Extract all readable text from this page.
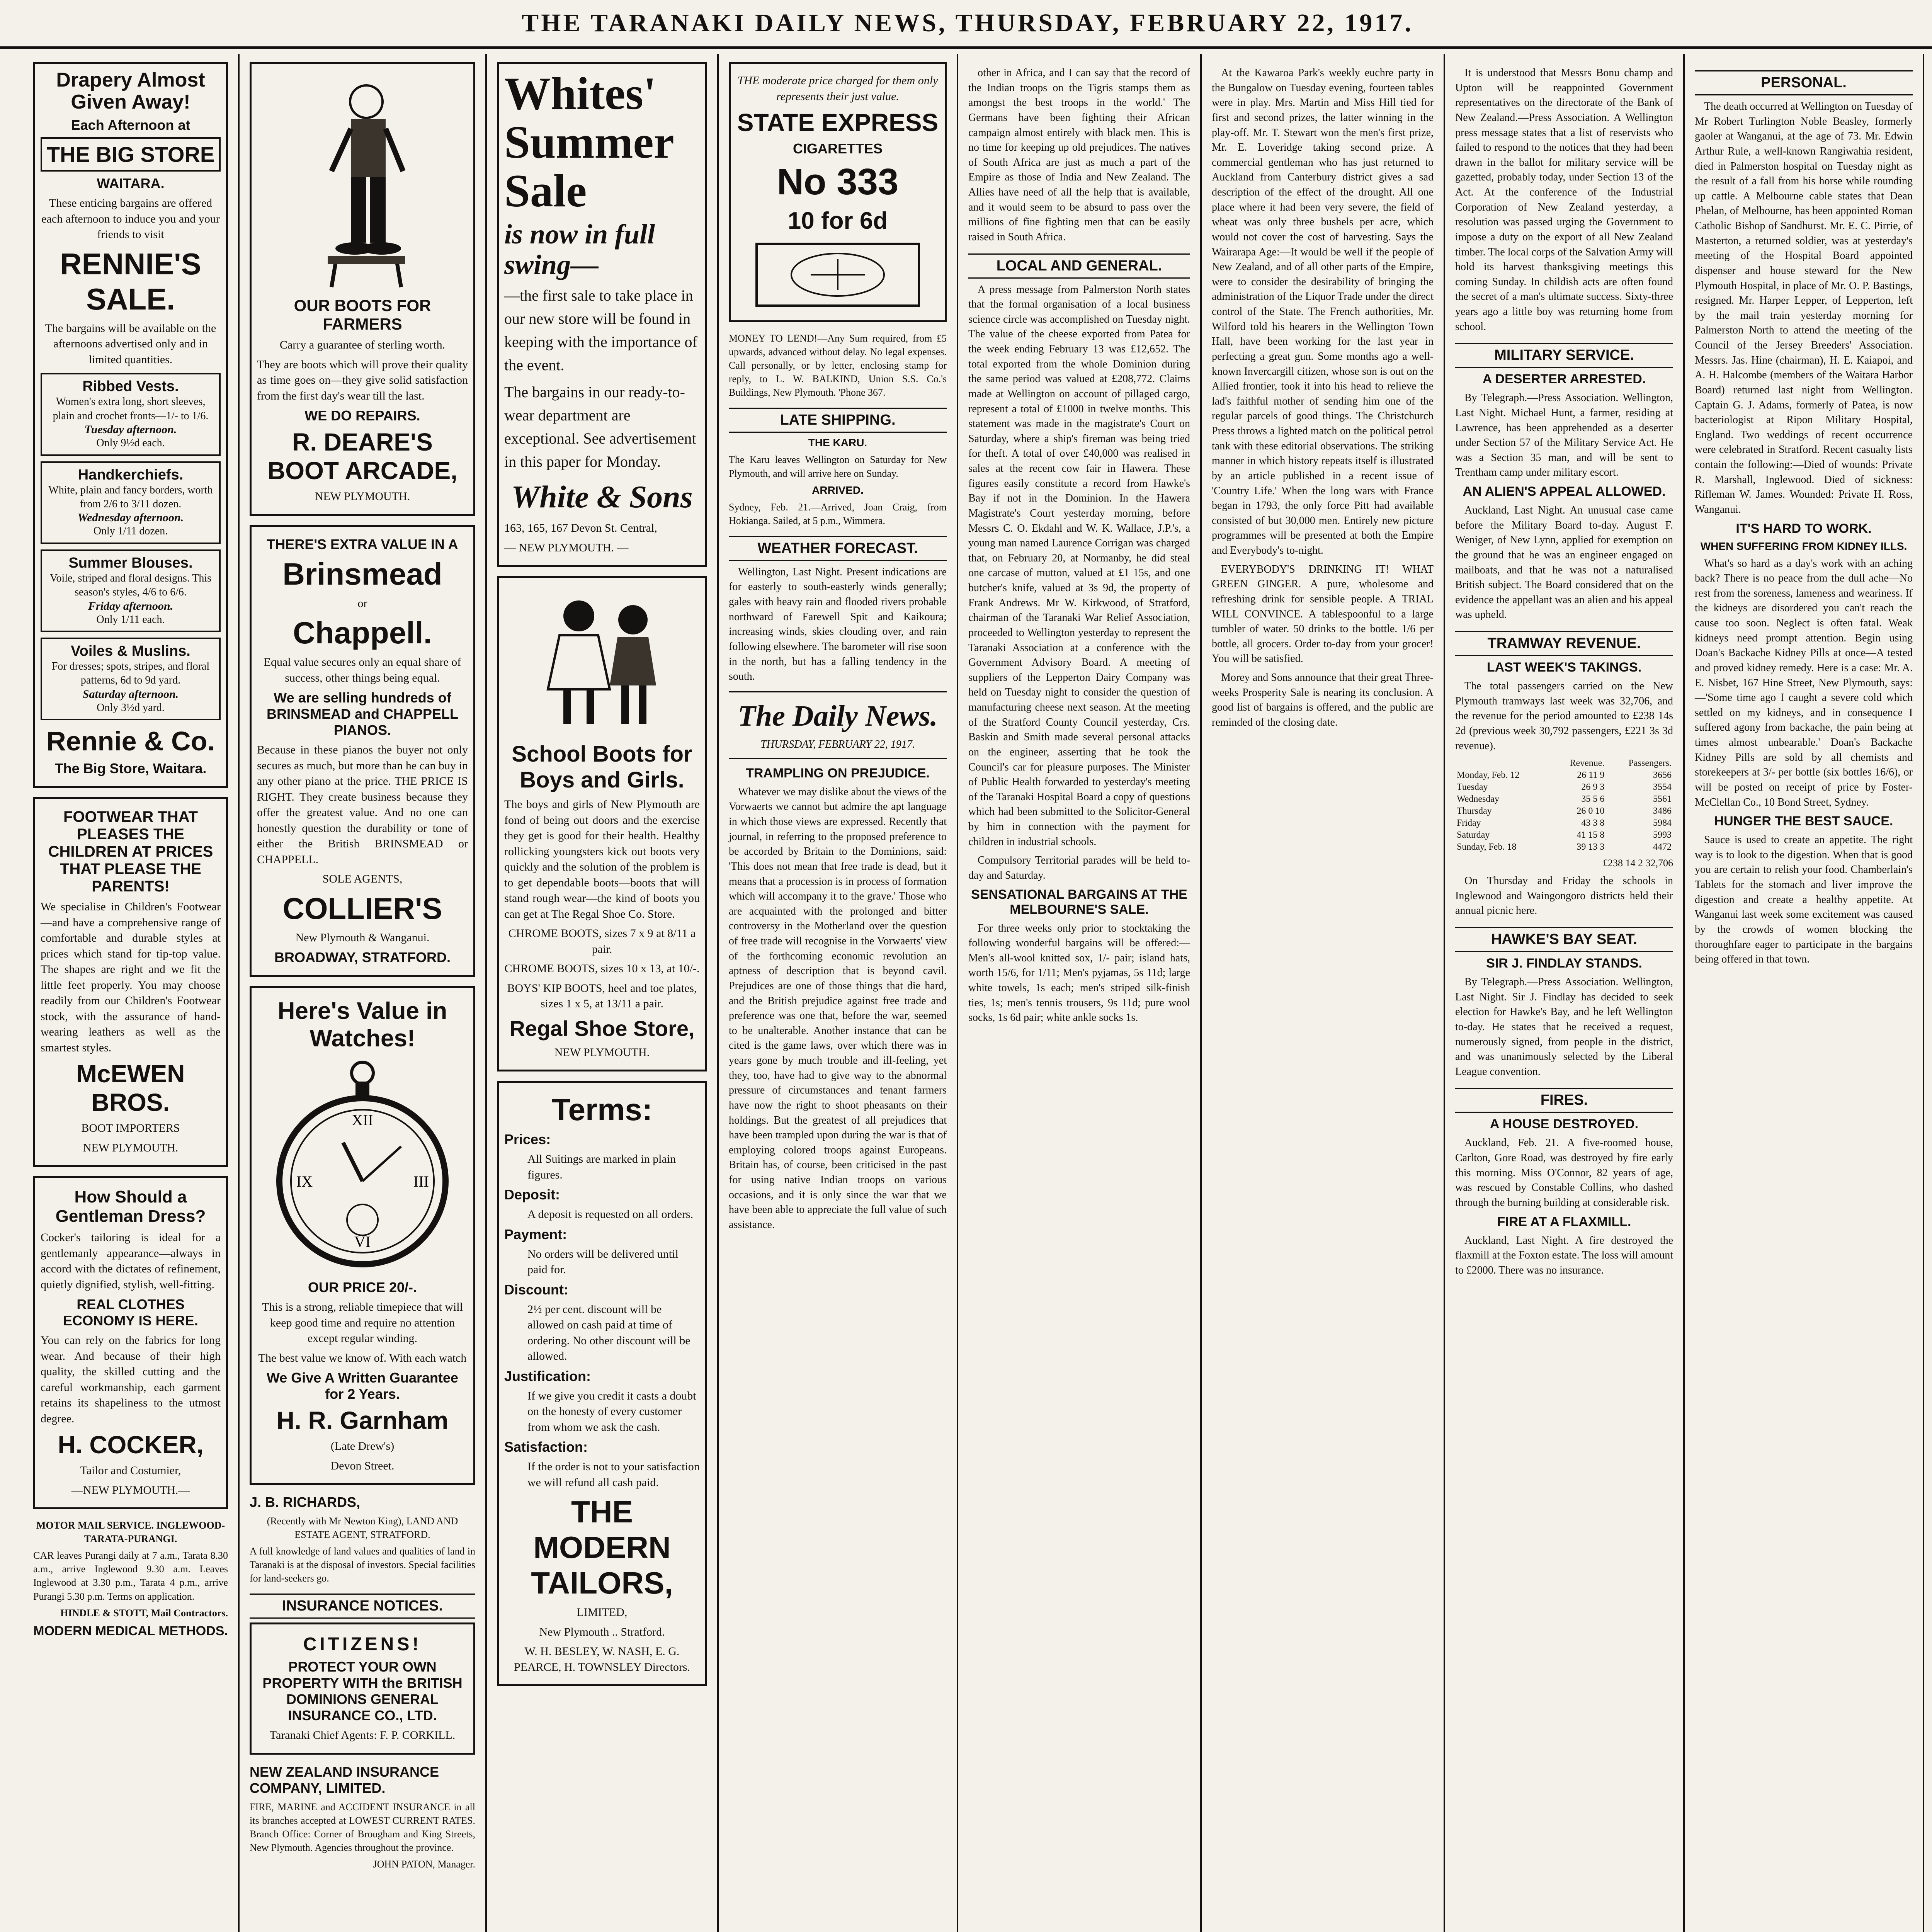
THE TARANAKI DAILY NEWS, THURSDAY, FEBRUARY 22, 1917.
Drapery Almost Given Away!
Each Afternoon at
THE BIG STORE
WAITARA.
These enticing bargains are offered each afternoon to induce you and your friends to visit
RENNIE'S SALE.
The bargains will be available on the afternoons advertised only and in limited quantities.
Ribbed Vests.
Women's extra long, short sleeves, plain and crochet fronts—1/- to 1/6.
Tuesday afternoon.
Only 9½d each.
Handkerchiefs.
White, plain and fancy borders, worth from 2/6 to 3/11 dozen.
Wednesday afternoon.
Only 1/11 dozen.
Summer Blouses.
Voile, striped and floral designs. This season's styles, 4/6 to 6/6.
Friday afternoon.
Only 1/11 each.
Voiles & Muslins.
For dresses; spots, stripes, and floral patterns, 6d to 9d yard.
Saturday afternoon.
Only 3½d yard.
Rennie & Co.
The Big Store, Waitara.
FOOTWEAR THAT PLEASES THE CHILDREN AT PRICES THAT PLEASE THE PARENTS!
We specialise in Children's Footwear—and have a comprehensive range of comfortable and durable styles at prices which stand for tip-top value. The shapes are right and we fit the little feet properly. You may choose readily from our Children's Footwear stock, with the assurance of hand-wearing leathers as well as the smartest styles.
McEWEN BROS.
BOOT IMPORTERS
NEW PLYMOUTH.
How Should a Gentleman Dress?
Cocker's tailoring is ideal for a gentlemanly appearance—always in accord with the dictates of refinement, quietly dignified, stylish, well-fitting.
REAL CLOTHES ECONOMY IS HERE.
You can rely on the fabrics for long wear. And because of their high quality, the skilled cutting and the careful workmanship, each garment retains its shapeliness to the utmost degree.
H. COCKER,
Tailor and Costumier,
—NEW PLYMOUTH.—
MOTOR MAIL SERVICE. INGLEWOOD-TARATA-PURANGI.
CAR leaves Purangi daily at 7 a.m., Tarata 8.30 a.m., arrive Inglewood 9.30 a.m. Leaves Inglewood at 3.30 p.m., Tarata 4 p.m., arrive Purangi 5.30 p.m. Terms on application.
HINDLE & STOTT, Mail Contractors.
MODERN MEDICAL METHODS.
OUR BOOTS FOR FARMERS
Carry a guarantee of sterling worth.
They are boots which will prove their quality as time goes on—they give solid satisfaction from the first day's wear till the last.
WE DO REPAIRS.
R. DEARE'S BOOT ARCADE,
NEW PLYMOUTH.
THERE'S EXTRA VALUE IN A
Brinsmead
or
Chappell.
Equal value secures only an equal share of success, other things being equal.
We are selling hundreds of BRINSMEAD and CHAPPELL PIANOS.
Because in these pianos the buyer not only secures as much, but more than he can buy in any other piano at the price. THE PRICE IS RIGHT. They create business because they offer the greatest value. And no one can honestly question the durability or tone of either the British BRINSMEAD or CHAPPELL.
SOLE AGENTS,
COLLIER'S
New Plymouth & Wanganui.
BROADWAY, STRATFORD.
Here's Value in Watches!
XII
III
VI
IX
OUR PRICE 20/-.
This is a strong, reliable timepiece that will keep good time and require no attention except regular winding.
The best value we know of. With each watch
We Give A Written Guarantee for 2 Years.
H. R. Garnham
(Late Drew's)
Devon Street.
J. B. RICHARDS,
(Recently with Mr Newton King), LAND AND ESTATE AGENT, STRATFORD.
A full knowledge of land values and qualities of land in Taranaki is at the disposal of investors. Special facilities for land-seekers go.
INSURANCE NOTICES.
CITIZENS!
PROTECT YOUR OWN PROPERTY WITH the BRITISH DOMINIONS GENERAL INSURANCE CO., LTD.
Taranaki Chief Agents: F. P. CORKILL.
NEW ZEALAND INSURANCE COMPANY, LIMITED.
FIRE, MARINE and ACCIDENT INSURANCE in all its branches accepted at LOWEST CURRENT RATES. Branch Office: Corner of Brougham and King Streets, New Plymouth. Agencies throughout the province.
JOHN PATON, Manager.
Whites' Summer Sale
is now in full swing—
—the first sale to take place in our new store will be found in keeping with the importance of the event.
The bargains in our ready-to-wear department are exceptional. See advertisement in this paper for Monday.
White & Sons
163, 165, 167 Devon St. Central,
— NEW PLYMOUTH. —
School Boots for Boys and Girls.
The boys and girls of New Plymouth are fond of being out doors and the exercise they get is good for their health. Healthy rollicking youngsters kick out boots very quickly and the solution of the problem is to get dependable boots—boots that will stand rough wear—the kind of boots you can get at The Regal Shoe Co. Store.
CHROME BOOTS, sizes 7 x 9 at 8/11 a pair.
CHROME BOOTS, sizes 10 x 13, at 10/-.
BOYS' KIP BOOTS, heel and toe plates, sizes 1 x 5, at 13/11 a pair.
Regal Shoe Store,
NEW PLYMOUTH.
Terms:
Prices:
All Suitings are marked in plain figures.
Deposit:
A deposit is requested on all orders.
Payment:
No orders will be delivered until paid for.
Discount:
2½ per cent. discount will be allowed on cash paid at time of ordering. No other discount will be allowed.
Justification:
If we give you credit it casts a doubt on the honesty of every customer from whom we ask the cash.
Satisfaction:
If the order is not to your satisfaction we will refund all cash paid.
THE MODERN TAILORS,
LIMITED,
New Plymouth .. Stratford.
W. H. BESLEY, W. NASH, E. G. PEARCE, H. TOWNSLEY Directors.
THE moderate price charged for them only represents their just value.
STATE EXPRESS
CIGARETTES
No 333
10 for 6d
MONEY TO LEND!—Any Sum required, from £5 upwards, advanced without delay. No legal expenses. Call personally, or by letter, enclosing stamp for reply, to L. W. BALKIND, Union S.S. Co.'s Buildings, New Plymouth. 'Phone 367.
LATE SHIPPING.
THE KARU.
The Karu leaves Wellington on Saturday for New Plymouth, and will arrive here on Sunday.
ARRIVED.
Sydney, Feb. 21.—Arrived, Joan Craig, from Hokianga. Sailed, at 5 p.m., Wimmera.
WEATHER FORECAST.
Wellington, Last Night. Present indications are for easterly to south-easterly winds generally; gales with heavy rain and flooded rivers probable northward of Farewell Spit and Kaikoura; increasing winds, skies clouding over, and rain following elsewhere. The barometer will rise soon in the north, but has a falling tendency in the south.
The Daily News.
THURSDAY, FEBRUARY 22, 1917.
TRAMPLING ON PREJUDICE.
Whatever we may dislike about the views of the Vorwaerts we cannot but admire the apt language in which those views are expressed. Recently that journal, in referring to the proposed preference to be accorded by Britain to the Dominions, said: 'This does not mean that free trade is dead, but it means that a procession is in process of formation which will accompany it to the grave.' Those who are acquainted with the prolonged and bitter controversy in the Motherland over the question of free trade will recognise in the Vorwaerts' view of the forthcoming economic revolution an aptness of description that is beyond cavil. Prejudices are one of those things that die hard, and the British prejudice against free trade and preference was one that, before the war, seemed to be unalterable. Another instance that can be cited is the game laws, over which there was in years gone by much trouble and ill-feeling, yet they, too, have had to give way to the abnormal pressure of circumstances and tenant farmers have now the right to shoot pheasants on their holdings. But the greatest of all prejudices that have been trampled upon during the war is that of employing colored troops against Europeans. Britain has, of course, been criticised in the past for using native Indian troops on various occasions, and it is only since the war that we have been able to appreciate the full value of such assistance.
other in Africa, and I can say that the record of the Indian troops on the Tigris stamps them as amongst the best troops in the world.' The Germans have been fighting their African campaign almost entirely with black men. This is no time for keeping up old prejudices. The natives of South Africa are just as much a part of the Empire as those of India and New Zealand. The Allies have need of all the help that is available, and it would seem to be absurd to pass over the millions of fine fighting men that can be easily raised in South Africa.
LOCAL AND GENERAL.
A press message from Palmerston North states that the formal organisation of a local business science circle was accomplished on Tuesday night. The value of the cheese exported from Patea for the week ending February 13 was £12,652. The total exported from the whole Dominion during the same period was valued at £208,772. Claims made at Wellington on account of pillaged cargo, represent a total of £1000 in twelve months. This statement was made in the magistrate's Court on Saturday, where a ship's fireman was being tried for theft. A total of over £40,000 was realised in sales at the recent cow fair in Hawera. These figures easily constitute a record from Hawke's Bay if not in the Dominion. In the Hawera Magistrate's Court yesterday morning, before Messrs C. O. Ekdahl and W. K. Wallace, J.P.'s, a young man named Laurence Corrigan was charged that, on February 20, at Normanby, he did steal one carcase of mutton, valued at £1 15s, and one butcher's knife, valued at 3s 9d, the property of Frank Andrews. Mr W. Kirkwood, of Stratford, chairman of the Taranaki War Relief Association, proceeded to Wellington yesterday to represent the Taranaki Association at a conference with the Government Advisory Board. A meeting of suppliers of the Lepperton Dairy Company was held on Tuesday night to consider the question of manufacturing cheese next season. At the meeting of the Stratford County Council yesterday, Crs. Baskin and Smith made several personal attacks on the engineer, asserting that he took the Council's car for pleasure purposes. The Minister of Public Health forwarded to yesterday's meeting of the Taranaki Hospital Board a copy of questions which had been submitted to the Solicitor-General by him in connection with the payment for children in industrial schools.
Compulsory Territorial parades will be held to-day and Saturday.
SENSATIONAL BARGAINS AT THE MELBOURNE'S SALE.
For three weeks only prior to stocktaking the following wonderful bargains will be offered:—Men's all-wool knitted sox, 1/- pair; island hats, worth 15/6, for 1/11; Men's pyjamas, 5s 11d; large white towels, 1s each; men's striped silk-finish ties, 1s; men's tennis trousers, 9s 11d; pure wool socks, 1s 6d pair; white ankle socks 1s.
At the Kawaroa Park's weekly euchre party in the Bungalow on Tuesday evening, fourteen tables were in play. Mrs. Martin and Miss Hill tied for first and second prizes, the latter winning in the play-off. Mr. T. Stewart won the men's first prize, Mr. E. Loveridge taking second prize. A commercial gentleman who has just returned to Auckland from Canterbury district gives a sad description of the effect of the drought. All one place where it had been very severe, the field of wheat was only three bushels per acre, which would not cover the cost of harvesting. Says the Wairarapa Age:—It would be well if the people of New Zealand, and of all other parts of the Empire, were to consider the desirability of bringing the administration of the Liquor Trade under the direct control of the State. The French authorities, Mr. Wilford told his hearers in the Wellington Town Hall, have been working for the last year in perfecting a great gun. Some months ago a well-known Invercargill citizen, whose son is out on the Allied frontier, took it into his head to relieve the lad's faithful mother of sending him one of the regular parcels of good things. The Christchurch Press throws a lighted match on the political petrol tank with these editorial observations. The striking manner in which history repeats itself is illustrated by an article published in a recent issue of 'Country Life.' When the long wars with France began in 1793, the only force Pitt had available consisted of but 30,000 men. Entirely new picture programmes will be presented at both the Empire and Everybody's to-night.
EVERYBODY'S DRINKING IT! WHAT GREEN GINGER. A pure, wholesome and refreshing drink for sensible people. A TRIAL WILL CONVINCE. A tablespoonful to a large tumbler of water. 50 drinks to the bottle. 1/6 per bottle, all grocers. Order to-day from your grocer! You will be satisfied.
Morey and Sons announce that their great Three-weeks Prosperity Sale is nearing its conclusion. A good list of bargains is offered, and the public are reminded of the closing date.
It is understood that Messrs Bonu champ and Upton will be reappointed Government representatives on the directorate of the Bank of New Zealand.—Press Association. A Wellington press message states that a list of reservists who failed to respond to the notices that they had been drawn in the ballot for military service will be gazetted, probably today, under Section 13 of the Act. At the conference of the Industrial Corporation of New Zealand yesterday, a resolution was passed urging the Government to impose a duty on the export of all New Zealand timber. The local corps of the Salvation Army will hold its harvest thanksgiving meetings this coming Sunday. In childish acts are often found the secret of a man's ultimate success. Sixty-three years ago a little boy was returning home from school.
MILITARY SERVICE.
A DESERTER ARRESTED.
By Telegraph.—Press Association. Wellington, Last Night. Michael Hunt, a farmer, residing at Lawrence, has been apprehended as a deserter under Section 57 of the Military Service Act. He was a Section 35 man, and will be sent to Trentham camp under military escort.
AN ALIEN'S APPEAL ALLOWED.
Auckland, Last Night. An unusual case came before the Military Board to-day. August F. Weniger, of New Lynn, applied for exemption on the ground that he was an engineer engaged on mailboats, and that he was not a naturalised British subject. The Board considered that on the evidence the appellant was an alien and his appeal was upheld.
TRAMWAY REVENUE.
LAST WEEK'S TAKINGS.
The total passengers carried on the New Plymouth tramways last week was 32,706, and the revenue for the period amounted to £238 14s 2d (previous week 30,792 passengers, £221 3s 3d revenue).
	Revenue.	Passengers.
Monday, Feb. 12	26 11 9	3656
Tuesday	26 9 3	3554
Wednesday	35 5 6	5561
Thursday	26 0 10	3486
Friday	43 3 8	5984
Saturday	41 15 8	5993
Sunday, Feb. 18	39 13 3	4472
£238 14 2 32,706
On Thursday and Friday the schools in Inglewood and Waingongoro districts held their annual picnic here.
HAWKE'S BAY SEAT.
SIR J. FINDLAY STANDS.
By Telegraph.—Press Association. Wellington, Last Night. Sir J. Findlay has decided to seek election for Hawke's Bay, and he left Wellington to-day. He states that he received a request, numerously signed, from people in the district, and was unanimously selected by the Liberal League convention.
FIRES.
A HOUSE DESTROYED.
Auckland, Feb. 21. A five-roomed house, Carlton, Gore Road, was destroyed by fire early this morning. Miss O'Connor, 82 years of age, was rescued by Constable Collins, who dashed through the burning building at considerable risk.
FIRE AT A FLAXMILL.
Auckland, Last Night. A fire destroyed the flaxmill at the Foxton estate. The loss will amount to £2000. There was no insurance.
PERSONAL.
The death occurred at Wellington on Tuesday of Mr Robert Turlington Noble Beasley, formerly gaoler at Wanganui, at the age of 73. Mr. Edwin Arthur Rule, a well-known Rangiwahia resident, died in Palmerston hospital on Tuesday night as the result of a fall from his horse while rounding up cattle. A Melbourne cable states that Dean Phelan, of Melbourne, has been appointed Roman Catholic Bishop of Sandhurst. Mr. E. C. Pirrie, of Masterton, a returned soldier, was at yesterday's meeting of the Hospital Board appointed dispenser and house steward for the New Plymouth Hospital, in place of Mr. O. P. Bastings, resigned. Mr. Harper Lepper, of Lepperton, left by the mail train yesterday morning for Palmerston North to attend the meeting of the Council of the Jersey Breeders' Association. Messrs. Jas. Hine (chairman), H. E. Kaiapoi, and A. H. Halcombe (members of the Waitara Harbor Board) returned last night from Wellington. Captain G. J. Adams, formerly of Patea, is now bacteriologist at Ripon Military Hospital, England. Two weddings of recent occurrence were celebrated in Stratford. Recent casualty lists contain the following:—Died of wounds: Private R. Marshall, Inglewood. Died of sickness: Rifleman W. James. Wounded: Private H. Ross, Wanganui.
IT'S HARD TO WORK.
WHEN SUFFERING FROM KIDNEY ILLS.
What's so hard as a day's work with an aching back? There is no peace from the dull ache—No rest from the soreness, lameness and weariness. If the kidneys are disordered you can't reach the cause too soon. Neglect is often fatal. Weak kidneys need prompt attention. Begin using Doan's Backache Kidney Pills at once—A tested and proved kidney remedy. Here is a case: Mr. A. E. Nisbet, 167 Hine Street, New Plymouth, says:—'Some time ago I caught a severe cold which settled on my kidneys, and in consequence I suffered agony from backache, the pain being at times almost unbearable.' Doan's Backache Kidney Pills are sold by all chemists and storekeepers at 3/- per bottle (six bottles 16/6), or will be posted on receipt of price by Foster-McClellan Co., 10 Bond Street, Sydney.
HUNGER THE BEST SAUCE.
Sauce is used to create an appetite. The right way is to look to the digestion. When that is good you are certain to relish your food. Chamberlain's Tablets for the stomach and liver improve the digestion and create a healthy appetite. At Wanganui last week some excitement was caused by the crowds of women blocking the thoroughfare eager to participate in the bargains being offered in that town.
